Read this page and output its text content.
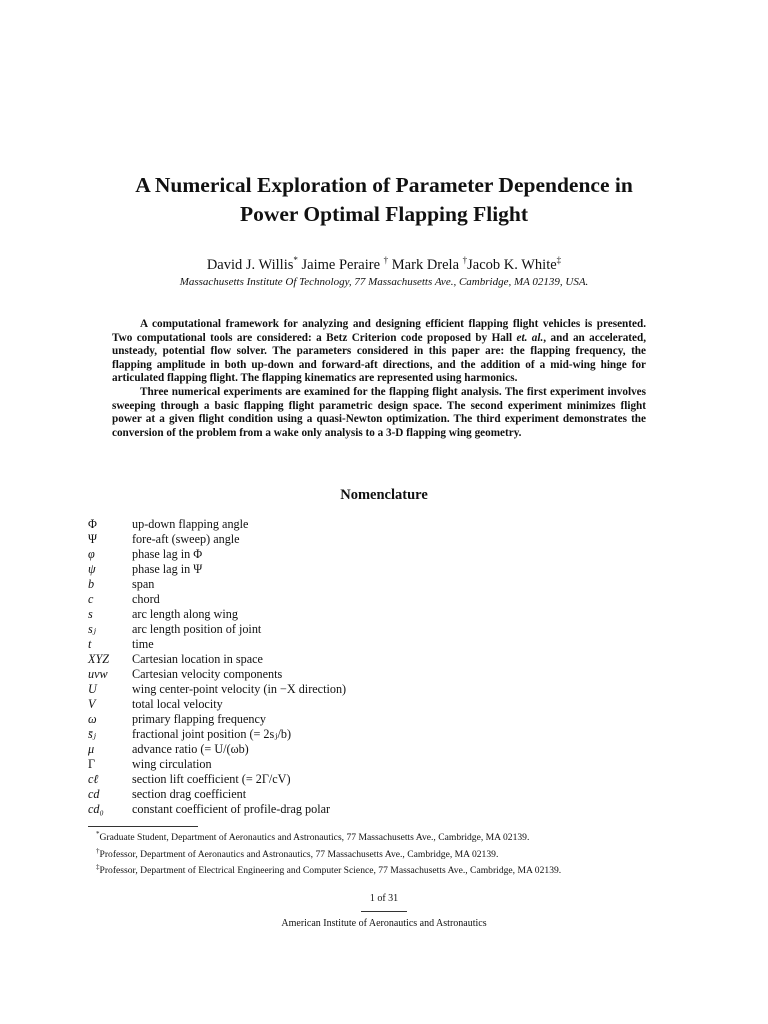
A Numerical Exploration of Parameter Dependence in
Power Optimal Flapping Flight
David J. Willis* Jaime Peraire † Mark Drela †Jacob K. White‡
Massachusetts Institute Of Technology, 77 Massachusetts Ave., Cambridge, MA 02139, USA.

A computational framework for analyzing and designing efficient flapping flight vehicles is presented. Two computational tools are considered: a Betz Criterion code proposed by Hall et. al., and an accelerated, unsteady, potential flow solver. The parameters considered in this paper are: the flapping frequency, the flapping amplitude in both up-down and forward-aft directions, and the addition of a mid-wing hinge for articulated flapping flight. The flapping kinematics are represented using harmonics.

Three numerical experiments are examined for the flapping flight analysis. The first experiment involves sweeping through a basic flapping flight parametric design space. The second experiment minimizes flight power at a given flight condition using a quasi-Newton optimization. The third experiment demonstrates the conversion of the problem from a wake only analysis to a 3-D flapping wing geometry.

Nomenclature
Φ	up-down flapping angle
Ψ	fore-aft (sweep) angle
φ	phase lag in Φ
ψ	phase lag in Ψ
b	span
c	chord
s	arc length along wing
sⱼ	arc length position of joint
t	time
XYZ	Cartesian location in space
uvw	Cartesian velocity components
U	wing center-point velocity (in −X direction)
V	total local velocity
ω	primary flapping frequency
s̄ⱼ	fractional joint position (= 2sⱼ/b)
μ	advance ratio (= U/(ωb)
Γ	wing circulation
cℓ	section lift coefficient (= 2Γ/cV)
cd	section drag coefficient
cd₀	constant coefficient of profile-drag polar
*Graduate Student, Department of Aeronautics and Astronautics, 77 Massachusetts Ave., Cambridge, MA 02139.
†Professor, Department of Aeronautics and Astronautics, 77 Massachusetts Ave., Cambridge, MA 02139.
‡Professor, Department of Electrical Engineering and Computer Science, 77 Massachusetts Ave., Cambridge, MA 02139.
1 of 31
American Institute of Aeronautics and Astronautics
